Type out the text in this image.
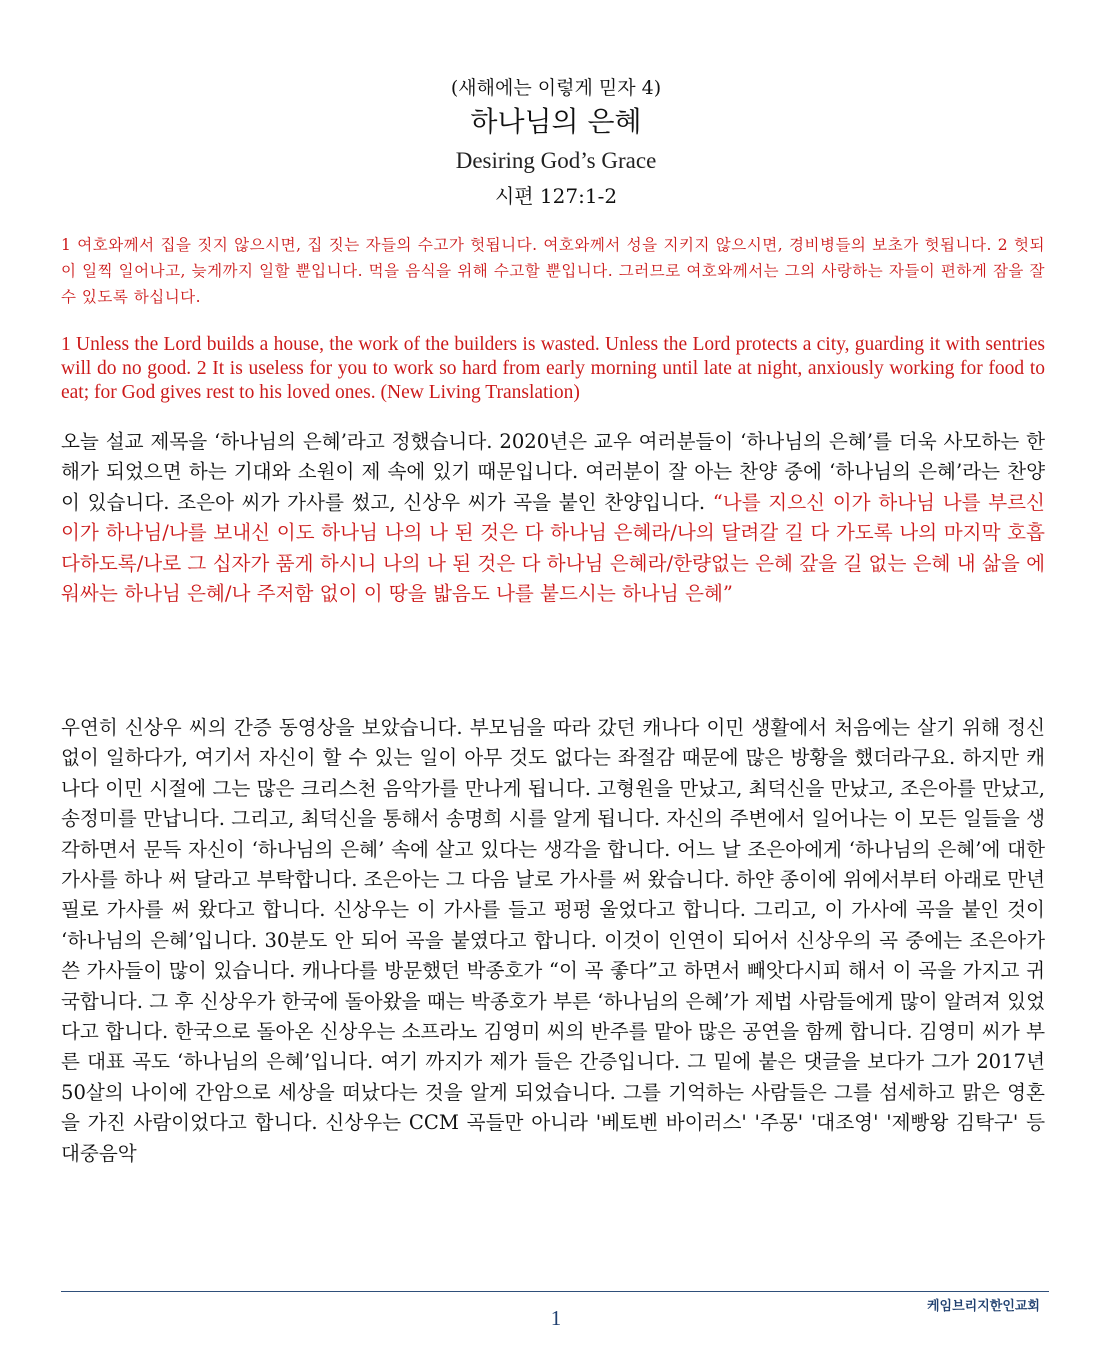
(새해에는 이렇게 믿자 4)
하나님의 은혜
Desiring God’s Grace
시편 127:1-2
1 여호와께서 집을 짓지 않으시면, 집 짓는 자들의 수고가 헛됩니다. 여호와께서 성을 지키지 않으시면, 경비병들의 보초가 헛됩니다. 2 헛되이 일찍 일어나고, 늦게까지 일할 뿐입니다. 먹을 음식을 위해 수고할 뿐입니다. 그러므로 여호와께서는 그의 사랑하는 자들이 편하게 잠을 잘 수 있도록 하십니다.
1 Unless the Lord builds a house, the work of the builders is wasted. Unless the Lord protects a city, guarding it with sentries will do no good. 2 It is useless for you to work so hard from early morning until late at night, anxiously working for food to eat; for God gives rest to his loved ones. (New Living Translation)
오늘 설교 제목을 ‘하나님의 은혜’라고 정했습니다. 2020년은 교우 여러분들이 ‘하나님의 은혜’를 더욱 사모하는 한 해가 되었으면 하는 기대와 소원이 제 속에 있기 때문입니다. 여러분이 잘 아는 찬양 중에 ‘하나님의 은혜’라는 찬양이 있습니다. 조은아 씨가 가사를 썼고, 신상우 씨가 곡을 붙인 찬양입니다. “나를 지으신 이가 하나님 나를 부르신 이가 하나님/나를 보내신 이도 하나님 나의 나 된 것은 다 하나님 은혜라/나의 달려갈 길 다 가도록 나의 마지막 호흡 다하도록/나로 그 십자가 품게 하시니 나의 나 된 것은 다 하나님 은혜라/한량없는 은혜 갚을 길 없는 은혜 내 삶을 에워싸는 하나님 은혜/나 주저함 없이 이 땅을 밟음도 나를 붙드시는 하나님 은혜”
우연히 신상우 씨의 간증 동영상을 보았습니다. 부모님을 따라 갔던 캐나다 이민 생활에서 처음에는 살기 위해 정신 없이 일하다가, 여기서 자신이 할 수 있는 일이 아무 것도 없다는 좌절감 때문에 많은 방황을 했더라구요. 하지만 캐나다 이민 시절에 그는 많은 크리스천 음악가를 만나게 됩니다. 고형원을 만났고, 최덕신을 만났고, 조은아를 만났고, 송정미를 만납니다. 그리고, 최덕신을 통해서 송명희 시를 알게 됩니다. 자신의 주변에서 일어나는 이 모든 일들을 생각하면서 문득 자신이 ‘하나님의 은혜’ 속에 살고 있다는 생각을 합니다. 어느 날 조은아에게 ‘하나님의 은혜’에 대한 가사를 하나 써 달라고 부탁합니다. 조은아는 그 다음 날로 가사를 써 왔습니다. 하얀 종이에 위에서부터 아래로 만년필로 가사를 써 왔다고 합니다. 신상우는 이 가사를 들고 펑펑 울었다고 합니다. 그리고, 이 가사에 곡을 붙인 것이 ‘하나님의 은혜’입니다. 30분도 안 되어 곡을 붙였다고 합니다. 이것이 인연이 되어서 신상우의 곡 중에는 조은아가 쓴 가사들이 많이 있습니다. 캐나다를 방문했던 박종호가 “이 곡 좋다”고 하면서 빼앗다시피 해서 이 곡을 가지고 귀국합니다. 그 후 신상우가 한국에 돌아왔을 때는 박종호가 부른 ‘하나님의 은혜’가 제법 사람들에게 많이 알려져 있었다고 합니다. 한국으로 돌아온 신상우는 소프라노 김영미 씨의 반주를 맡아 많은 공연을 함께 합니다. 김영미 씨가 부른 대표 곡도 ‘하나님의 은혜’입니다. 여기 까지가 제가 들은 간증입니다. 그 밑에 붙은 댓글을 보다가 그가 2017년 50살의 나이에 간암으로 세상을 떠났다는 것을 알게 되었습니다. 그를 기억하는 사람들은 그를 섬세하고 맑은 영혼을 가진 사람이었다고 합니다. 신상우는 CCM 곡들만 아니라 '베토벤 바이러스' '주몽' '대조영' '제빵왕 김탁구' 등 대중음악
케임브리지한인교회
1
